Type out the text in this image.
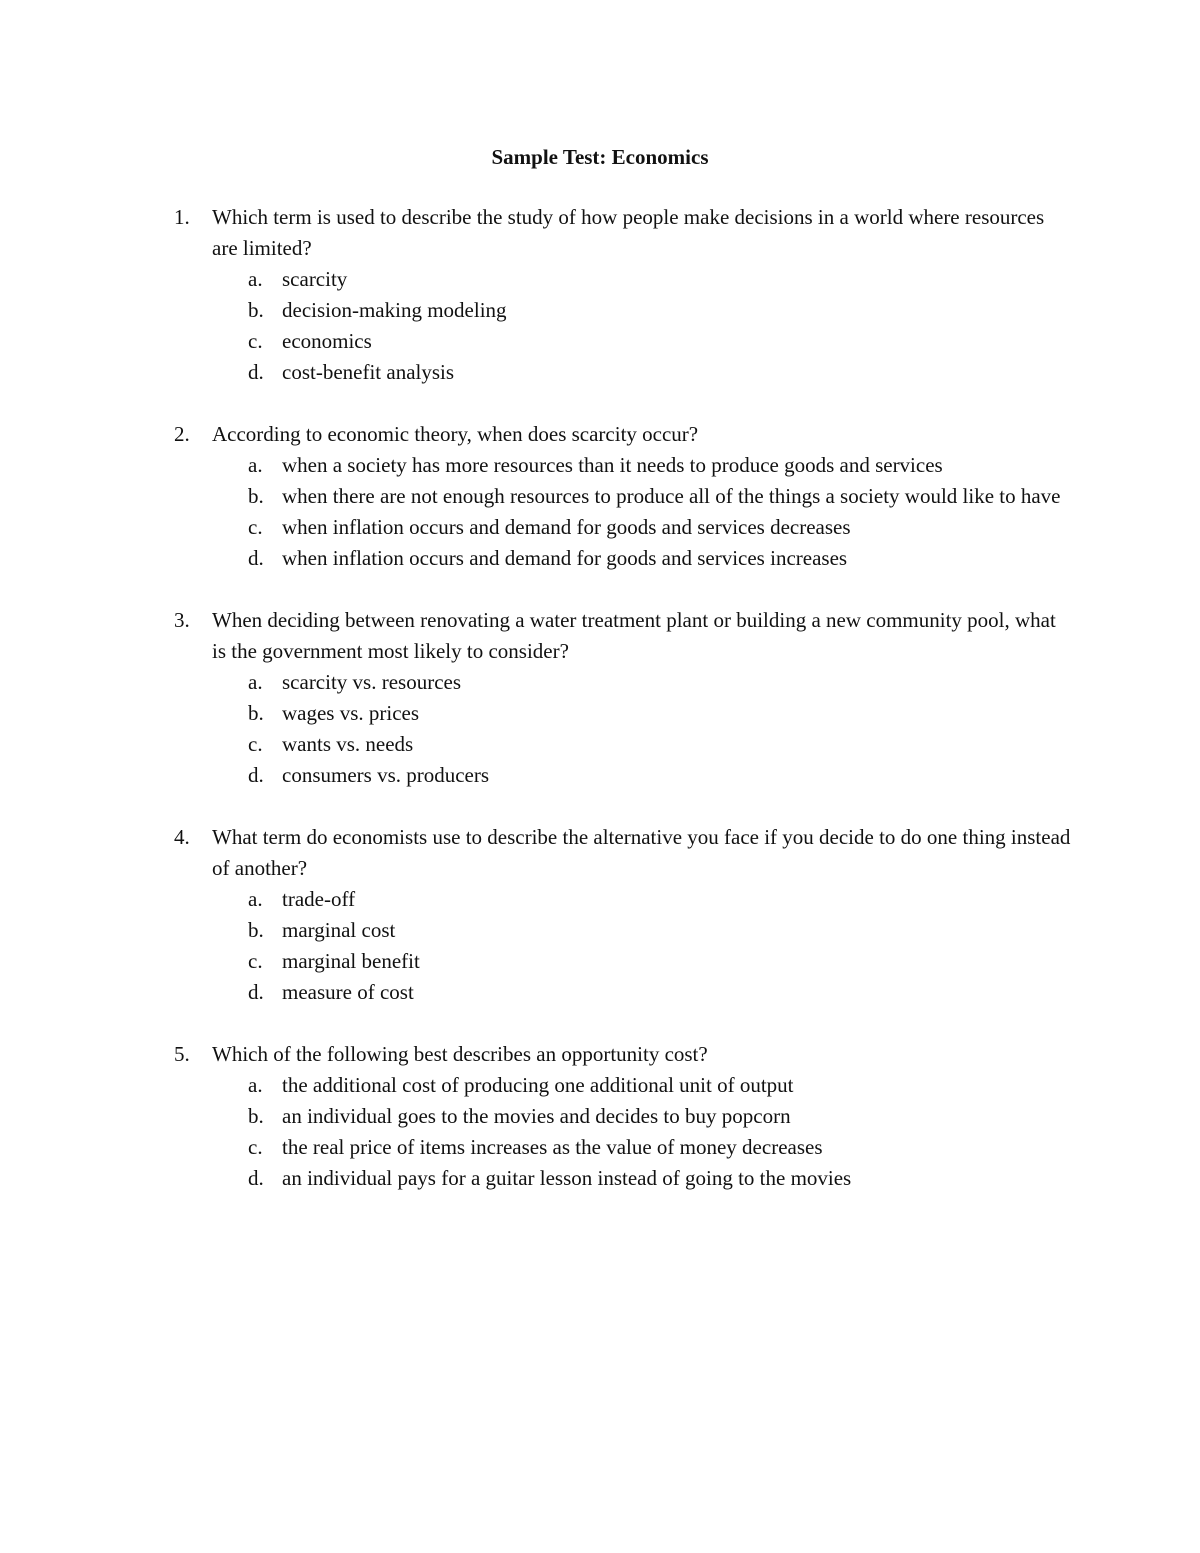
Sample Test: Economics
1. Which term is used to describe the study of how people make decisions in a world where resources are limited?
a. scarcity
b. decision-making modeling
c. economics
d. cost-benefit analysis
2. According to economic theory, when does scarcity occur?
a. when a society has more resources than it needs to produce goods and services
b. when there are not enough resources to produce all of the things a society would like to have
c. when inflation occurs and demand for goods and services decreases
d. when inflation occurs and demand for goods and services increases
3. When deciding between renovating a water treatment plant or building a new community pool, what is the government most likely to consider?
a. scarcity vs. resources
b. wages vs. prices
c. wants vs. needs
d. consumers vs. producers
4. What term do economists use to describe the alternative you face if you decide to do one thing instead of another?
a. trade-off
b. marginal cost
c. marginal benefit
d. measure of cost
5. Which of the following best describes an opportunity cost?
a. the additional cost of producing one additional unit of output
b. an individual goes to the movies and decides to buy popcorn
c. the real price of items increases as the value of money decreases
d. an individual pays for a guitar lesson instead of going to the movies
